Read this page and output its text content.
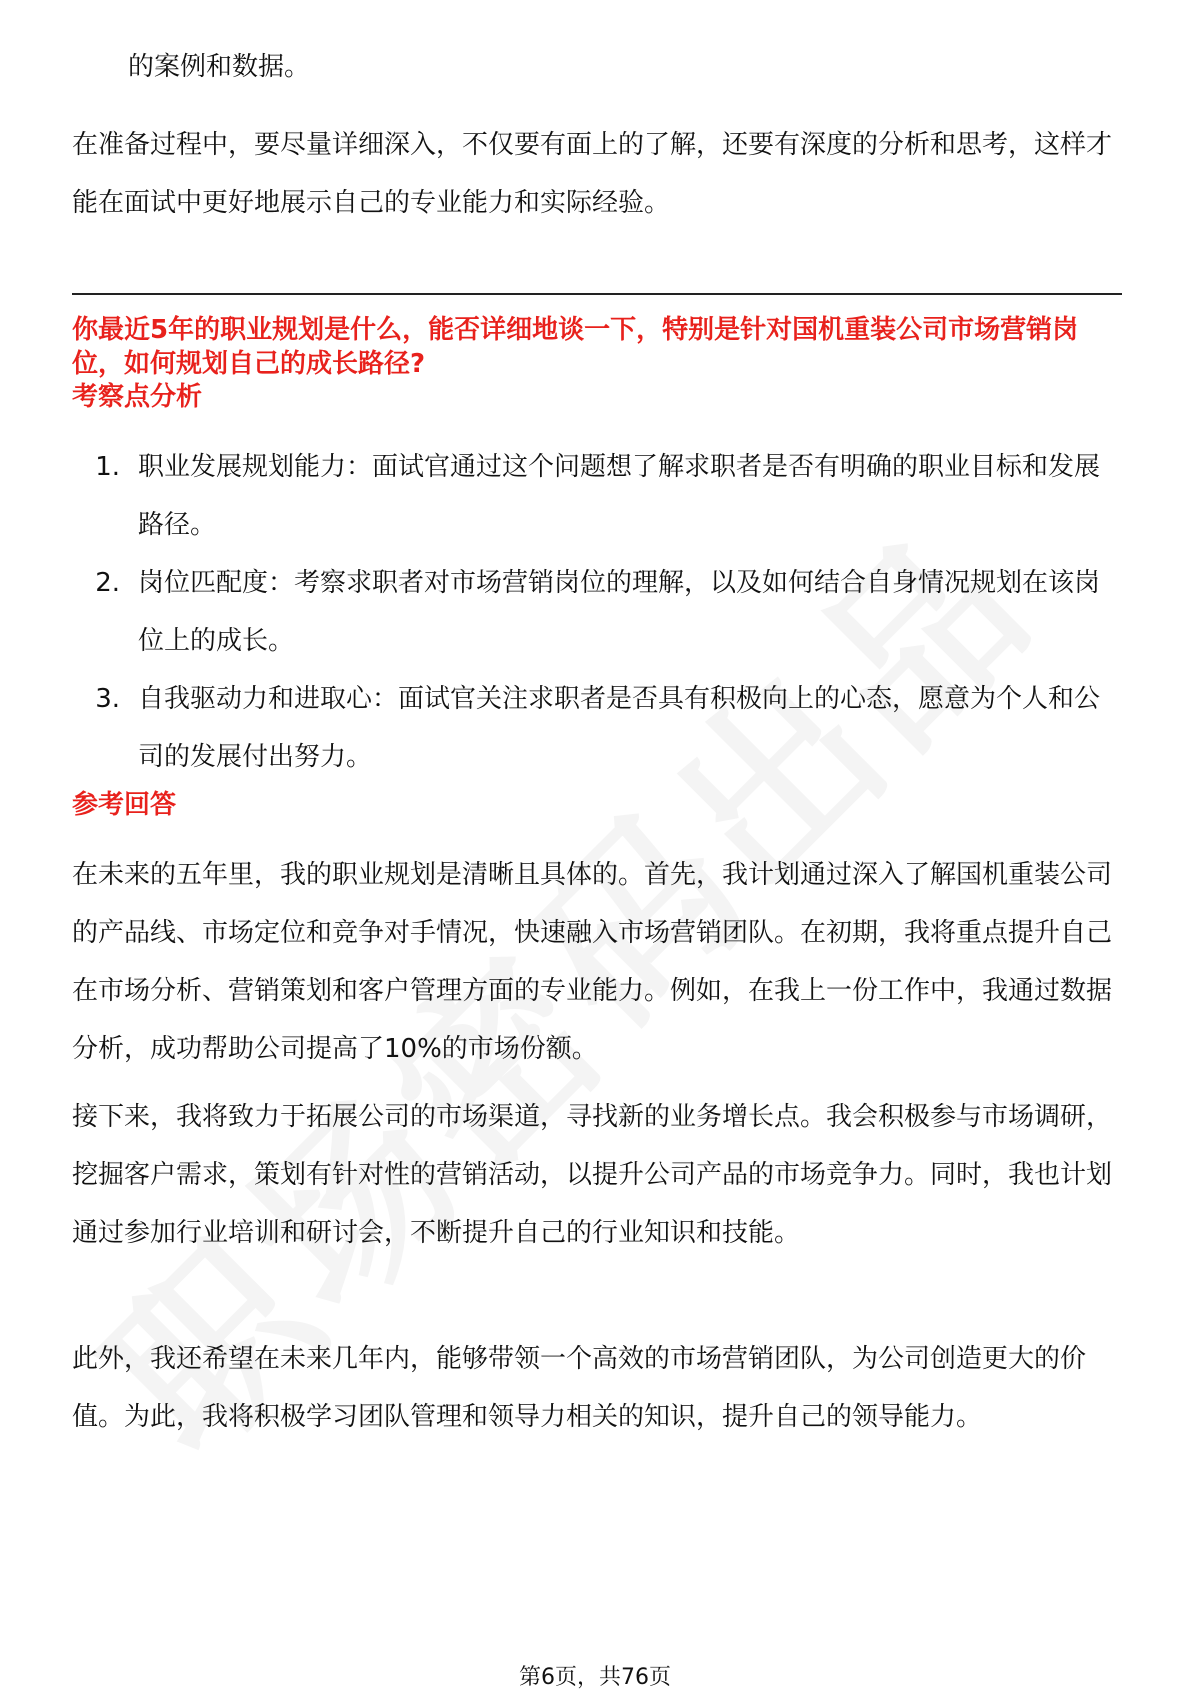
的案例和数据。

在准备过程中，要尽量详细深入，不仅要有面上的了解，还要有深度的分析和思考，这样才能在面试中更好地展示自己的专业能力和实际经验。

你最近5年的职业规划是什么，能否详细地谈一下，特别是针对国机重装公司市场营销岗位，如何规划自己的成长路径?
考察点分析
1. 职业发展规划能力：面试官通过这个问题想了解求职者是否有明确的职业目标和发展路径。
2. 岗位匹配度：考察求职者对市场营销岗位的理解，以及如何结合自身情况规划在该岗位上的成长。
3. 自我驱动力和进取心：面试官关注求职者是否具有积极向上的心态，愿意为个人和公司的发展付出努力。
参考回答

在未来的五年里，我的职业规划是清晰且具体的。首先，我计划通过深入了解国机重装公司的产品线、市场定位和竞争对手情况，快速融入市场营销团队。在初期，我将重点提升自己在市场分析、营销策划和客户管理方面的专业能力。例如，在我上一份工作中，我通过数据分析，成功帮助公司提高了10%的市场份额。

接下来，我将致力于拓展公司的市场渠道，寻找新的业务增长点。我会积极参与市场调研，挖掘客户需求，策划有针对性的营销活动，以提升公司产品的市场竞争力。同时，我也计划通过参加行业培训和研讨会，不断提升自己的行业知识和技能。

此外，我还希望在未来几年内，能够带领一个高效的市场营销团队，为公司创造更大的价值。为此，我将积极学习团队管理和领导力相关的知识，提升自己的领导能力。

第6页，共76页
